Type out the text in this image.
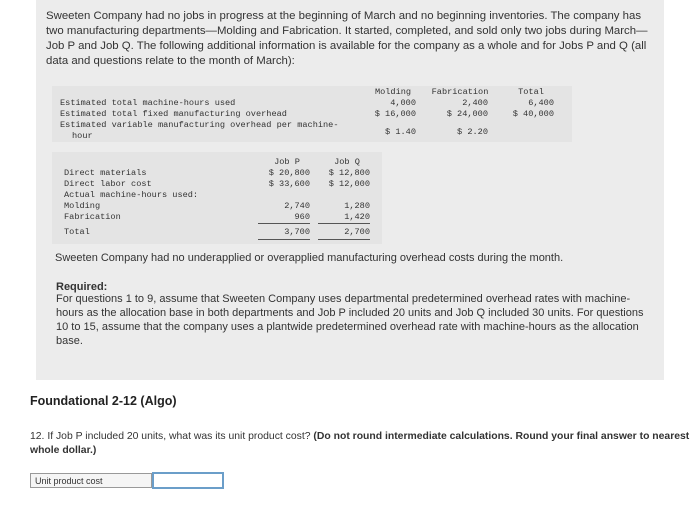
Sweeten Company had no jobs in progress at the beginning of March and no beginning inventories. The company has two manufacturing departments—Molding and Fabrication. It started, completed, and sold only two jobs during March—Job P and Job Q. The following additional information is available for the company as a whole and for Jobs P and Q (all data and questions relate to the month of March):
Molding	Fabrication	Total
Estimated total machine-hours used	4,000	2,400	6,400
Estimated total fixed manufacturing overhead	$ 16,000	$ 24,000	$ 40,000
Estimated variable manufacturing overhead per machine-
hour	$ 1.40	$ 2.20
Job P	Job Q
Direct materials	$ 20,800	$ 12,800
Direct labor cost	$ 33,600	$ 12,000
Actual machine-hours used:
Molding	2,740	1,280
Fabrication	960	1,420
Total	3,700	2,700
Sweeten Company had no underapplied or overapplied manufacturing overhead costs during the month.
Required:
For questions 1 to 9, assume that Sweeten Company uses departmental predetermined overhead rates with machine-hours as the allocation base in both departments and Job P included 20 units and Job Q included 30 units. For questions 10 to 15, assume that the company uses a plantwide predetermined overhead rate with machine-hours as the allocation base.
Foundational 2-12 (Algo)
12. If Job P included 20 units, what was its unit product cost? (Do not round intermediate calculations. Round your final answer to nearest whole dollar.)
Unit product cost
